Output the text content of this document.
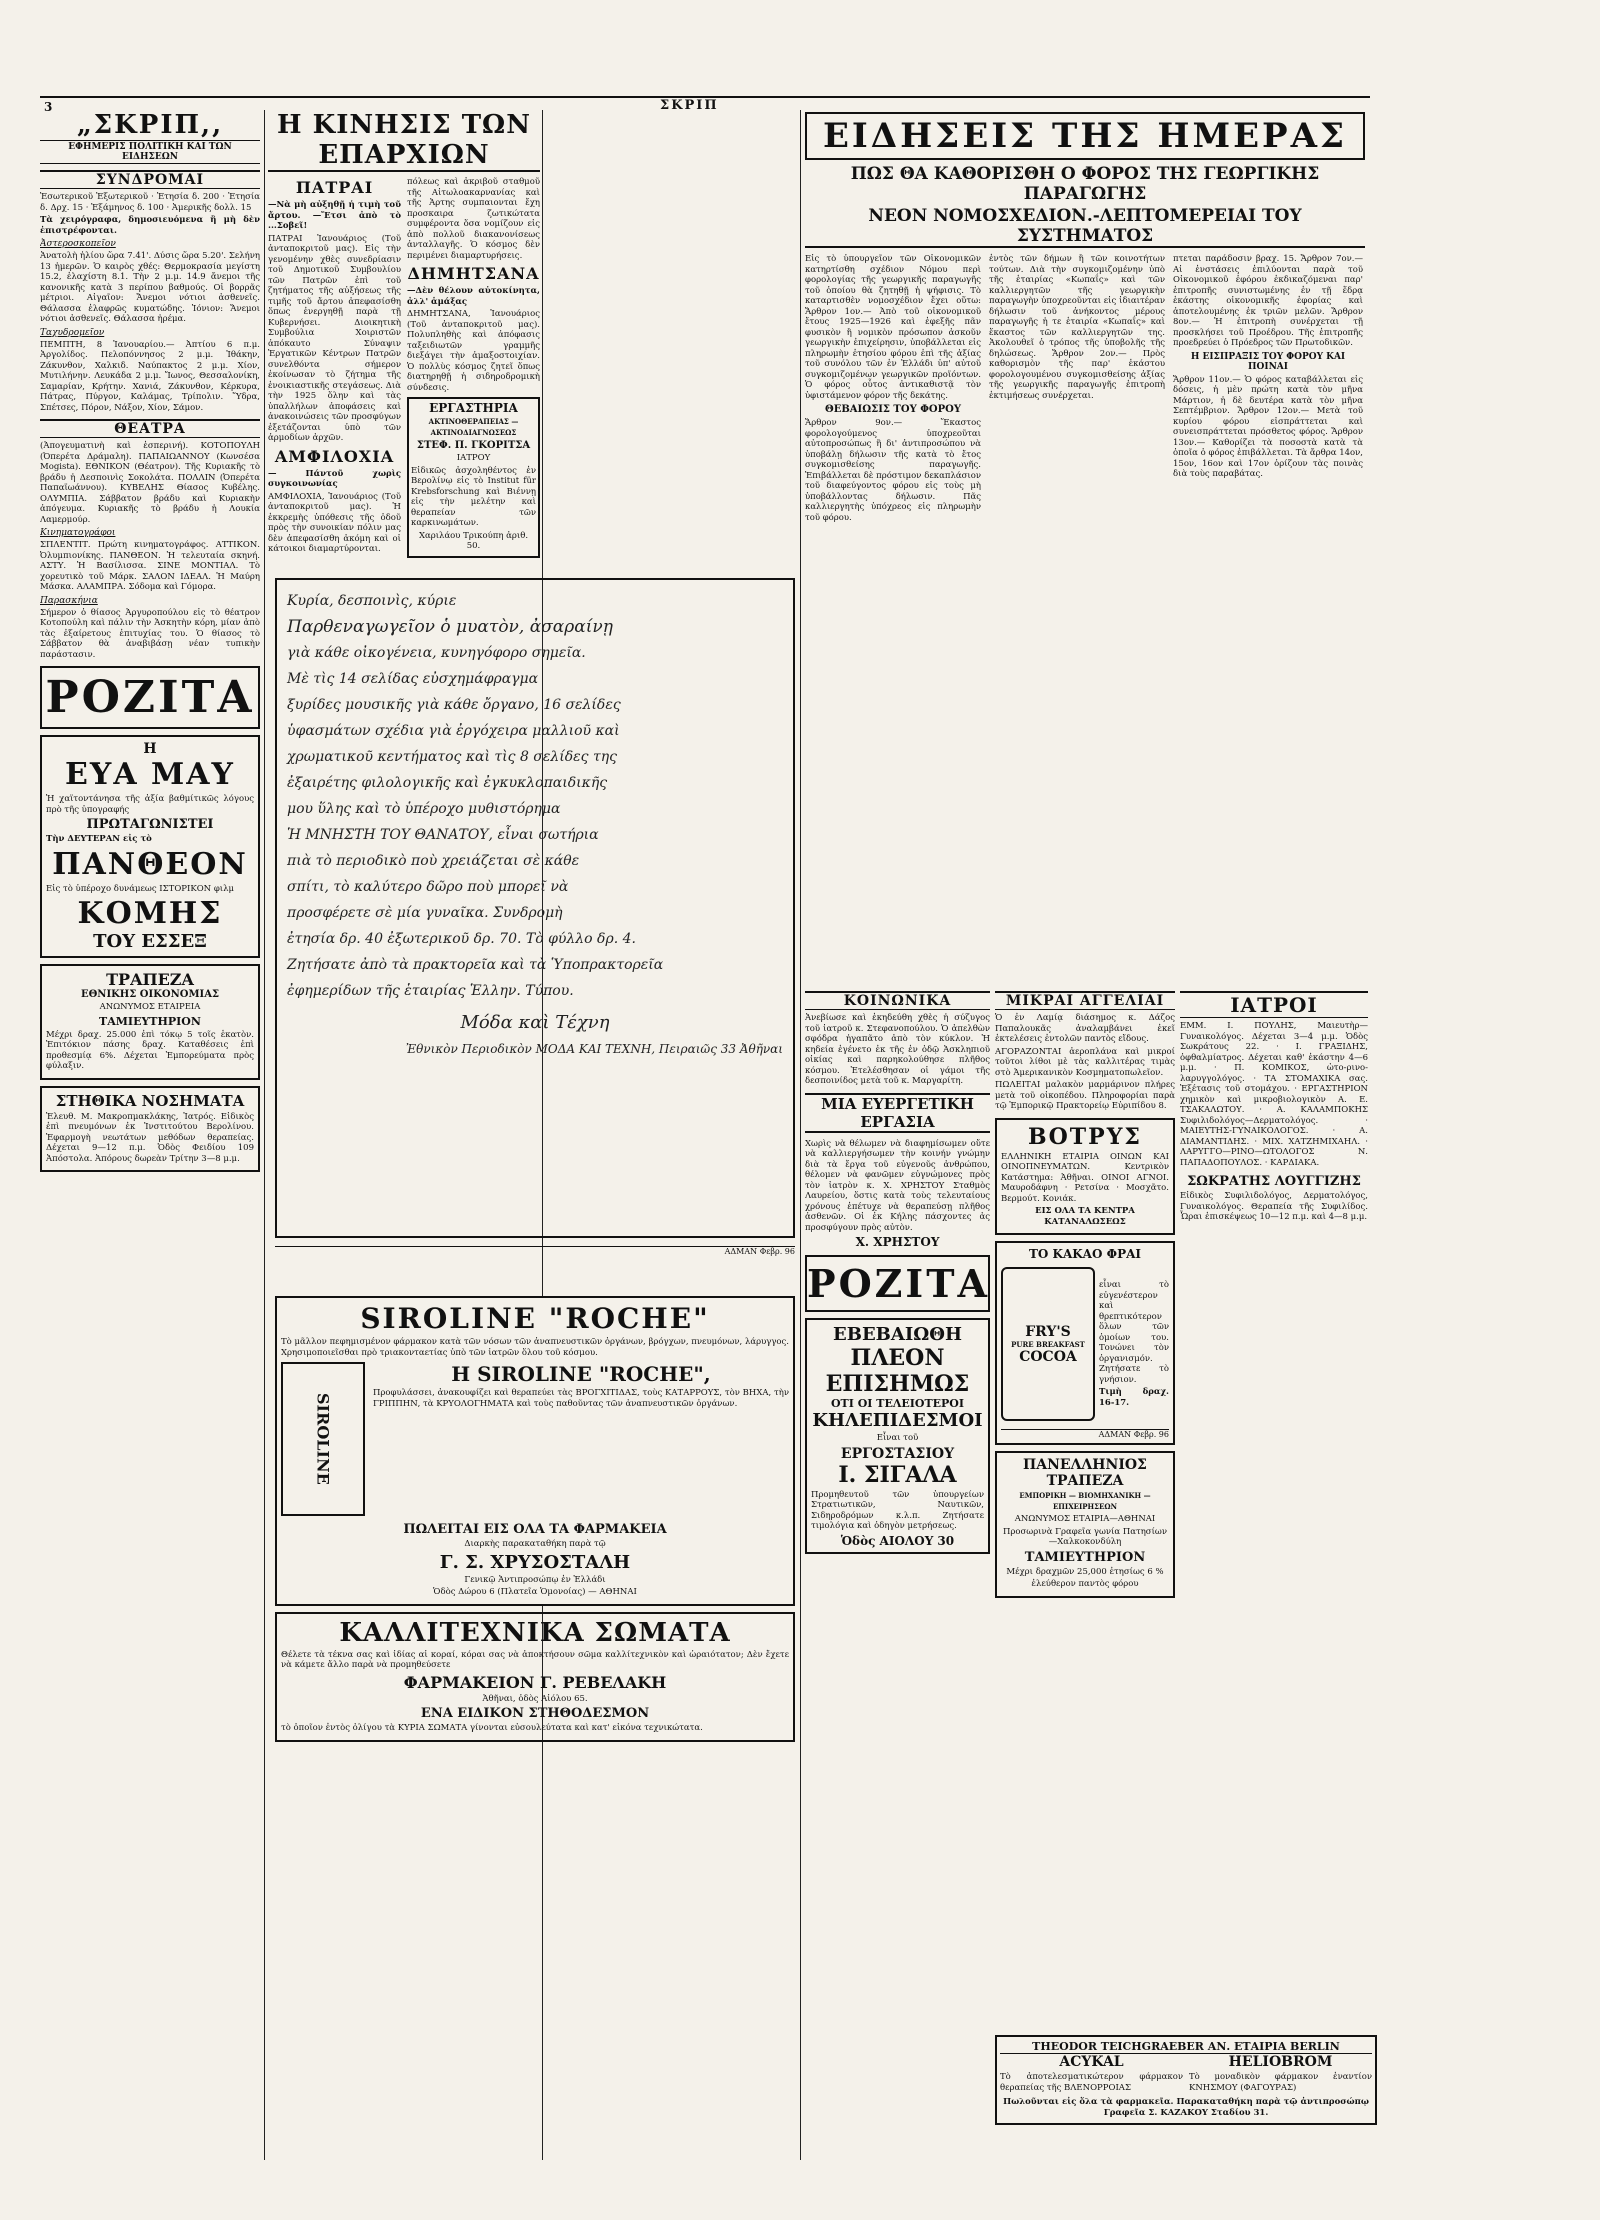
3	ΣΚΡΙΠ
„ΣΚΡΙΠ,,
ΕΦΗΜΕΡΙΣ ΠΟΛΙΤΙΚΗ ΚΑΙ ΤΩΝ ΕΙΔΗΣΕΩΝ
ΣΥΝΔΡΟΜΑΙ
Ἐσωτερικοῦ Ἐξωτερικοῦ · Ἐτησία δ. 200 · Ἐτησία δ. Δρχ. 15 · Ἑξάμηνος δ. 100 · Ἀμερικῆς δολλ. 15
Τὰ χειρόγραφα, δημοσιευόμενα ἢ μὴ δὲν ἐπιστρέφονται.
Ἀστεροσκοπεῖον
Ἀνατολὴ ἡλίου ὥρα 7.41'. Δύσις ὥρα 5.20'. Σελήνη 13 ἡμερῶν. Ὁ καιρὸς χθές: Θερμοκρασία μεγίστη 15.2, ἐλαχίστη 8.1. Τὴν 2 μ.μ. 14.9 ἄνεμοι τῆς κανονικῆς κατὰ 3 περίπου βαθμούς. Οἱ βορρᾶς μέτριοι. Αἰγαῖον: Ἄνεμοι νότιοι ἀσθενεῖς. Θάλασσα ἐλαφρῶς κυματώδης. Ἰόνιον: Ἄνεμοι νότιοι ἀσθενεῖς. Θάλασσα ἠρέμα.
Ταχυδρομεῖον
ΠΕΜΠΤΗ, 8 Ἰανουαρίου.— Ἀπτίου 6 π.μ. Ἀργολίδος. Πελοπόννησος 2 μ.μ. Ἰθάκην, Ζάκυνθον, Χαλκιδ. Ναύπακτος 2 μ.μ. Χίον, Μυτιλήνην. Λευκάδα 2 μ.μ. Ἴωνος, Θεσσαλονίκη, Σαμαρίαν, Κρήτην. Χανιά, Ζάκυνθον, Κέρκυρα, Πάτρας, Πύργον, Καλάμας, Τρίπολιν. Ὕδρα, Σπέτσες, Πόρον, Νάξον, Χίον, Σάμον.
ΘΕΑΤΡΑ
(Ἀπογευματινὴ καὶ ἑσπερινή). ΚΟΤΟΠΟΥΛΗ (Ὀπερέτα Δράμαλη). ΠΑΠΑΙΩΑΝΝΟΥ (Κωνσέσα Mogista). ΕΘΝΙΚΟΝ (Θέατρον). Τῆς Κυριακῆς τὸ βράδυ ἡ Δεσποινὶς Σοκολάτα. ΠΟΛΛΙΝ (Ὀπερέτα Παπαϊωάννου). ΚΥΒΕΛΗΣ Θίασος Κυβέλης. ΟΛΥΜΠΙΑ. Σάββατον βράδυ καὶ Κυριακὴν ἀπόγευμα. Κυριακῆς τὸ βράδυ ἡ Λουκία Λαμερμούρ.
Κινηματογράφοι
ΣΠΛΕΝΤΙΤ. Πρώτη κινηματογράφος. ΑΤΤΙΚΟΝ. Ὀλυμπιονίκης. ΠΑΝΘΕΟΝ. Ἡ τελευταία σκηνή. ΑΣΤΥ. Ἡ Βασίλισσα. ΣΙΝΕ ΜΟΝΤΙΑΛ. Τὸ χορευτικὸ τοῦ Μάρκ. ΣΑΛΟΝ ΙΔΕΑΛ. Ἡ Μαύρη Μάσκα. ΑΛΑΜΠΡΑ. Σόδομα καὶ Γόμορα.
Παρασκήνια
Σήμερον ὁ θίασος Ἀργυροπούλου εἰς τὸ θέατρον Κοτοπούλη καὶ πάλιν τὴν Ἀσκητὴν κόρη, μίαν ἀπὸ τὰς ἐξαίρετους ἐπιτυχίας του. Ὁ θίασος τὸ Σάββατον θὰ ἀναβιβάσῃ νέαν τυπικὴν παράστασιν.
ΡΟΖΙΤΑ
Η
ΕΥΑ ΜΑΥ
Ἡ χαϊτοντάνησα τῆς ἀξία βαθμίτικῶς λόγους πρὸ τῆς ὑπογραφής
ΠΡΩΤΑΓΩΝΙΣΤΕΙ
Τὴν ΔΕΥΤΕΡΑΝ εἰς τὸ
ΠΑΝΘΕΟΝ
Εἰς τὸ ὑπέροχο δυνάμεως ΙΣΤΟΡΙΚΟΝ φιλμ
ΚΟΜΗΣ
ΤΟΥ ΕΣΣΕΞ
ΤΡΑΠΕΖΑ
ΕΘΝΙΚΗΣ ΟΙΚΟΝΟΜΙΑΣ
ΑΝΩΝΥΜΟΣ ΕΤΑΙΡΕΙΑ
ΤΑΜΙΕΥΤΗΡΙΟΝ
Μέχρι δραχ. 25.000 ἐπὶ τόκῳ 5 τοῖς ἑκατὸν. Ἐπιτόκιον πάσης δραχ. Καταθέσεις ἐπὶ προθεσμίᾳ 6%. Δέχεται Ἐμπορεύματα πρὸς φύλαξιν.
ΣΤΗΘΙΚΑ ΝΟΣΗΜΑΤΑ
Ἐλευθ. Μ. Μακροπμακλάκης, Ἰατρός. Εἰδικὸς ἐπὶ πνευμόνων ἐκ Ἰνστιτούτου Βερολίνου. Ἐφαρμογὴ νεωτάτων μεθόδων θεραπείας. Δέχεται 9—12 π.μ. Ὁδὸς Φειδίου 109 Ἀπόστολα. Ἀπόρους δωρεὰν Τρίτην 3—8 μ.μ.
Η ΚΙΝΗΣΙΣ ΤΩΝ ΕΠΑΡΧΙΩΝ
ΠΑΤΡΑΙ
—Νὰ μὴ αὐξηθῇ ἡ τιμὴ τοῦ ἄρτου. —Ἔτσι ἀπὸ τὸ ...Σοβεῖ!
ΠΑΤΡΑΙ Ἰανουάριος (Τοῦ ἀνταποκριτοῦ μας). Εἰς τὴν γενομένην χθὲς συνεδρίασιν τοῦ Δημοτικοῦ Συμβουλίου τῶν Πατρῶν ἐπὶ τοῦ ζητήματος τῆς αὐξήσεως τῆς τιμῆς τοῦ ἄρτου ἀπεφασίσθη ὅπως ἐνεργηθῇ παρὰ τῇ Κυβερνήσει. Διοικητικὴ Συμβούλια Χοιριστῶν ἀπόκαυτο Σύναψιν Ἐργατικῶν Κέντρων Πατρῶν συνελθόντα σήμερον ἐκοίνωσαν τὸ ζήτημα τῆς ἐνοικιαστικῆς στεγάσεως. Διὰ τὴν 1925 ὅλην καὶ τὰς ὑπαλλήλων ἀποφάσεις καὶ ἀνακοινώσεις τῶν προσφύγων ἐξετάζονται ὑπὸ τῶν ἁρμοδίων ἀρχῶν.
ΑΜΦΙΛΟΧΙΑ
— Πάντοῦ χωρὶς συγκοινωνίας
ΑΜΦΙΛΟΧΙΑ, Ἰανουάριος (Τοῦ ἀνταποκριτοῦ μας). Ἡ ἐκκρεμὴς ὑπόθεσις τῆς ὁδοῦ πρὸς τὴν συνοικίαν πόλιν μας δὲν ἀπεφασίσθη ἀκόμη καὶ οἱ κάτοικοι διαμαρτύρονται.
πόλεως καὶ ἀκριβοῦ σταθμοῦ τῆς Αἰτωλοακαρνανίας καὶ τῆς Ἀρτης συμπαιονται ἔχη προσκαιρα ζωτικώτατα συμφέροντα ὅσα νομίζουν εἰς ἀπὸ πολλοῦ διακανονίσεως ἀνταλλαγῆς. Ὁ κόσμος δὲν περιμένει διαμαρτυρήσεις.
ΔΗΜΗΤΣΑΝΑ
—Δὲν θέλουν αὐτοκίνητα, ἀλλ' ἁμάξας
ΔΗΜΗΤΣΑΝΑ, Ἰανουάριος (Τοῦ ἀνταποκριτοῦ μας). Πολυπληθὴς καὶ ἀπόφασις ταξειδιωτῶν γραμμῆς διεξάγει τὴν ἁμαξοστοιχίαν. Ὁ πολλὺς κόσμος ζητεῖ ὅπως διατηρηθῇ ἡ σιδηροδρομικὴ σύνδεσις.
ΕΡΓΑΣΤΗΡΙΑ
ΑΚΤΙΝΟΘΕΡΑΠΕΙΑΣ — ΑΚΤΙΝΟΔΙΑΓΝΩΣΕΩΣ
ΣΤΕΦ. Π. ΓΚΟΡΙΤΣΑ
ΙΑΤΡΟΥ
Εἰδικῶς ἀσχοληθέντος ἐν Βερολίνῳ εἰς τὸ Institut für Krebsforschung καὶ Βιέννῃ εἰς τὴν μελέτην καὶ θεραπείαν τῶν καρκινωμάτων.
Χαριλάου Τρικούπη ἀριθ. 50.
Κυρία, δεσποινὶς, κύριε
Παρθεναγωγεῖον ὁ μυατὸν, ἀσαραίνῃ
γιὰ κάθε οἰκογένεια, κυνηγόφορο σημεῖα.
Μὲ τὶς 14 σελίδας εὐσχημάφραγμα
ξυρίδες μουσικῆς γιὰ κάθε ὄργανο, 16 σελίδες
ὑφασμάτων σχέδια γιὰ ἐργόχειρα μαλλιοῦ καὶ
χρωματικοῦ κεντήματος καὶ τὶς 8 σελίδες της
ἐξαιρέτης φιλολογικῆς καὶ ἐγκυκλοπαιδικῆς
μου ὕλης καὶ τὸ ὑπέροχο μυθιστόρημα
Ἡ ΜΝΗΣΤΗ ΤΟΥ ΘΑΝΑΤΟΥ, εἶναι σωτήρια
πιὰ τὸ περιοδικὸ ποὺ χρειάζεται σὲ κάθε
σπίτι, τὸ καλύτερο δῶρο ποὺ μπορεῖ νὰ
προσφέρετε σὲ μία γυναῖκα. Συνδρομὴ
ἐτησία δρ. 40 ἐξωτερικοῦ δρ. 70. Τὸ φύλλο δρ. 4.
Ζητήσατε ἀπὸ τὰ πρακτορεῖα καὶ τὰ Ὑποπρακτορεῖα
ἐφημερίδων τῆς ἑταιρίας Ἑλλην. Τύπου.
Μόδα καὶ Τέχνη
Ἐθνικὸν Περιοδικὸν ΜΟΔΑ ΚΑΙ ΤΕΧΝΗ, Πειραιῶς 33 Ἀθῆναι
ΑΔΜΑΝ Φεβρ. 96
SIROLINE "ROCHE"
Τὸ μᾶλλον πεφημισμένον φάρμακον κατὰ τῶν νόσων τῶν ἀναπνευστικῶν ὀργάνων, βρόγχων, πνευμόνων, λάρυγγος. Χρησιμοποιεῖσθαι πρὸ τριακονταετίας ὑπὸ τῶν ἰατρῶν ὅλου τοῦ κόσμου.
SIROLINE
Η SIROLINE "ROCHE",
Προφυλάσσει, ἀνακουφίζει καὶ θεραπεύει τὰς ΒΡΟΓΧΙΤΙΔΑΣ, τοὺς ΚΑΤΑΡΡΟΥΣ, τὸν ΒΗΧΑ, τὴν ΓΡΙΠΠΗΝ, τὰ ΚΡΥΟΛΟΓΗΜΑΤΑ καὶ τοὺς παθοῦντας τῶν ἀναπνευστικῶν ὀργάνων.
ΠΩΛΕΙΤΑΙ ΕΙΣ ΟΛΑ ΤΑ ΦΑΡΜΑΚΕΙΑ
Διαρκὴς παρακαταθήκη παρὰ τῷ
Γ. Σ. ΧΡΥΣΟΣΤΑΛΗ
Γενικῷ Ἀντιπροσώπῳ ἐν Ἑλλάδι
Ὁδὸς Δώρου 6 (Πλατεῖα Ὁμονοίας) — ΑΘΗΝΑΙ
ΚΑΛΛΙΤΕΧΝΙΚΑ ΣΩΜΑΤΑ
Θέλετε τὰ τέκνα σας καὶ ἰδίας αἱ κοραί, κόραι σας νὰ ἀποκτήσουν σῶμα καλλίτεχνικὸν καὶ ὡραιότατον; Δὲν ἔχετε νὰ κάμετε ἄλλο παρὰ νὰ προμηθεύσετε
ΦΑΡΜΑΚΕΙΟΝ Γ. ΡΕΒΕΛΑΚΗ
Ἀθῆναι, ὁδὸς Αἰόλου 65.
ΕΝΑ ΕΙΔΙΚΟΝ ΣΤΗΘΟΔΕΣΜΟΝ
τὸ ὁποῖον ἐντὸς ὀλίγου τὰ ΚΥΡΙΑ ΣΩΜΑΤΑ γίνονται εὐσουλεύτατα καὶ κατ' εἰκόνα τεχνικώτατα.
ΕΙΔΗΣΕΙΣ ΤΗΣ ΗΜΕΡΑΣ
ΠΩΣ ΘΑ ΚΑΘΟΡΙΣΘΗ Ο ΦΟΡΟΣ ΤΗΣ ΓΕΩΡΓΙΚΗΣ ΠΑΡΑΓΩΓΗΣ
ΝΕΟΝ ΝΟΜΟΣΧΕΔΙΟΝ.-ΛΕΠΤΟΜΕΡΕΙΑΙ ΤΟΥ ΣΥΣΤΗΜΑΤΟΣ
Εἰς τὸ ὑπουργεῖον τῶν Οἰκονομικῶν κατηρτίσθη σχέδιον Νόμου περὶ φορολογίας τῆς γεωργικῆς παραγωγῆς τοῦ ὁποίου θὰ ζητηθῇ ἡ ψήφισις. Τὸ καταρτισθὲν νομοσχέδιον ἔχει οὕτω: Ἄρθρον 1ον.— Ἀπὸ τοῦ οἰκονομικοῦ ἔτους 1925—1926 καὶ ἐφεξῆς πᾶν φυσικὸν ἢ νομικὸν πρόσωπον ἀσκοῦν γεωργικὴν ἐπιχείρησιν, ὑποβάλλεται εἰς πληρωμὴν ἐτησίου φόρου ἐπὶ τῆς ἀξίας τοῦ συνόλου τῶν ἐν Ἑλλάδι ὑπ' αὐτοῦ συγκομιζομένων γεωργικῶν προϊόντων. Ὁ φόρος οὗτος ἀντικαθιστᾷ τὸν ὑφιστάμενον φόρον τῆς δεκάτης.
ΘΕΒΑΙΩΣΙΣ ΤΟΥ ΦΟΡΟΥ
Ἄρθρον 9ον.— Ἕκαστος φορολογούμενος ὑποχρεοῦται αὐτοπροσώπως ἢ δι' ἀντιπροσώπου νὰ ὑποβάλῃ δήλωσιν τῆς κατὰ τὸ ἔτος συγκομισθείσης παραγωγῆς. Ἐπιβάλλεται δὲ πρόστιμον δεκαπλάσιον τοῦ διαφεύγοντος φόρου εἰς τοὺς μὴ ὑποβάλλοντας δήλωσιν. Πᾶς καλλιεργητὴς ὑπόχρεος εἰς πληρωμὴν τοῦ φόρου.
ἐντὸς τῶν δήμων ἢ τῶν κοινοτήτων τούτων. Διὰ τὴν συγκομιζομένην ὑπὸ τῆς ἑταιρίας «Κωπαΐς» καὶ τῶν καλλιεργητῶν τῆς γεωργικὴν παραγωγὴν ὑποχρεοῦνται εἰς ἰδιαιτέραν δήλωσιν τοῦ ἀνήκοντος μέρους παραγωγῆς ἡ τε ἑταιρία «Κωπαΐς» καὶ ἕκαστος τῶν καλλιεργητῶν της. Ἀκολουθεῖ ὁ τρόπος τῆς ὑποβολῆς τῆς δηλώσεως. Ἄρθρον 2ον.— Πρὸς καθορισμὸν τῆς παρ' ἑκάστου φορολογουμένου συγκομισθείσης ἀξίας τῆς γεωργικῆς παραγωγῆς ἐπιτροπὴ ἐκτιμήσεως συνέρχεται.
πτεται παράδοσιν βραχ. 15. Ἄρθρον 7ον.— Αἱ ἐνστάσεις ἐπιλύονται παρὰ τοῦ Οἰκονομικοῦ ἐφόρου ἐκδικαζόμεναι παρ' ἐπιτροπῆς συνιστωμένης ἐν τῇ ἕδρᾳ ἑκάστης οἰκονομικῆς ἐφορίας καὶ ἀποτελουμένης ἐκ τριῶν μελῶν. Ἄρθρον 8ον.— Ἡ ἐπιτροπὴ συνέρχεται τῇ προσκλήσει τοῦ Προέδρου. Τῆς ἐπιτροπῆς προεδρεύει ὁ Πρόεδρος τῶν Πρωτοδικῶν.
Η ΕΙΣΠΡΑΞΙΣ ΤΟΥ ΦΟΡΟΥ ΚΑΙ ΠΟΙΝΑΙ
Ἄρθρον 11ον.— Ὁ φόρος καταβάλλεται εἰς δόσεις, ἡ μὲν πρώτη κατὰ τὸν μῆνα Μάρτιον, ἡ δὲ δευτέρα κατὰ τὸν μῆνα Σεπτέμβριον. Ἄρθρον 12ον.— Μετὰ τοῦ κυρίου φόρου εἰσπράττεται καὶ συνεισπράττεται πρόσθετος φόρος. Ἄρθρον 13ον.— Καθορίζει τὰ ποσοστὰ κατὰ τὰ ὁποῖα ὁ φόρος ἐπιβάλλεται. Τὰ ἄρθρα 14ον, 15ον, 16ον καὶ 17ον ὁρίζουν τὰς ποινὰς διὰ τοὺς παραβάτας.
ΚΟΙΝΩΝΙΚΑ
Ἀνεβίωσε καὶ ἐκηδεύθη χθὲς ἡ σύζυγος τοῦ ἰατροῦ κ. Στεφανοπούλου. Ὁ ἀπελθὼν σφόδρα ἠγαπᾶτο ἀπὸ τὸν κύκλον. Ἡ κηδεία ἐγένετο ἐκ τῆς ἐν ὁδῷ Ἀσκληπιοῦ οἰκίας καὶ παρηκολούθησε πλῆθος κόσμου. Ἐτελέσθησαν οἱ γάμοι τῆς δεσποινίδος μετὰ τοῦ κ. Μαργαρίτη.
ΜΙΑ ΕΥΕΡΓΕΤΙΚΗ ΕΡΓΑΣΙΑ
Χωρὶς νὰ θέλωμεν νὰ διαφημίσωμεν οὔτε νὰ καλλιεργήσωμεν τὴν κοινήν γνώμην διὰ τὰ ἔργα τοῦ εὐγενοῦς ἀνθρώπου, θέλομεν νὰ φανῶμεν εὐγνώμονες πρὸς τὸν ἰατρὸν κ. Χ. ΧΡΗΣΤΟΥ Σταθμὸς Λαυρείου, ὅστις κατὰ τοὺς τελευταίους χρόνους ἐπέτυχε νὰ θεραπεύσῃ πλῆθος ἀσθενῶν. Οἱ ἐκ Κήλης πάσχοντες ἀς προσφύγουν πρὸς αὐτὸν.
Χ. ΧΡΗΣΤΟΥ
ΡΟΖΙΤΑ
ΕΒΕΒΑΙΩΘΗ
ΠΛΕΟΝ
ΕΠΙΣΗΜΩΣ
ΟΤΙ ΟΙ ΤΕΛΕΙΟΤΕΡΟΙ
ΚΗΛΕΠΙΔΕΣΜΟΙ
Εἶναι τοῦ
ΕΡΓΟΣΤΑΣΙΟΥ
Ι. ΣΙΓΑΛΑ
Προμηθευτοῦ τῶν ὑπουργείων Στρατιωτικῶν, Ναυτικῶν, Σιδηροδρόμων κ.λ.π. Ζητήσατε τιμολόγια καὶ ὁδηγὸν μετρήσεως.
Ὁδὸς ΑΙΟΛΟΥ 30
ΜΙΚΡΑΙ ΑΓΓΕΛΙΑΙ
Ὁ ἐν Λαμίᾳ διάσημος κ. Δάζος Παπαλουκᾶς ἀναλαμβάνει ἐκεῖ ἐκτελέσεις ἐντολῶν παντὸς εἴδους.
ΑΓΟΡΑΖΟΝΤΑΙ ἀεροπλάνα καὶ μικροί τοῦτοι λίθοι μὲ τὰς καλλιτέρας τιμὰς στὸ Ἀμερικανικὸν Κοσμηματοπωλεῖον.
ΠΩΛΕΙΤΑΙ μαλακὸν μαρμάρινον πλήρες μετὰ τοῦ οἰκοπέδου. Πληροφορίαι παρὰ τῷ Ἐμπορικῷ Πρακτορείῳ Εὐριπίδου 8.
ΒΟΤΡΥΣ
ΕΛΛΗΝΙΚΗ ΕΤΑΙΡΙΑ ΟΙΝΩΝ ΚΑΙ ΟΙΝΟΠΝΕΥΜΑΤΩΝ. Κεντρικὸν Κατάστημα: Ἀθῆναι. ΟΙΝΟΙ ΑΓΝΟΙ. Μαυροδάφνη · Ρετσίνα · Μοσχᾶτο. Βερμούτ. Κονιάκ.
ΕΙΣ ΟΛΑ ΤΑ ΚΕΝΤΡΑ ΚΑΤΑΝΑΛΩΣΕΩΣ
ΤΟ ΚΑΚΑΟ ΦΡΑΙ
FRY'S
PURE BREAKFAST
COCOA
εἶναι τὸ εὐγενέστερον καὶ θρεπτικότερον ὅλων τῶν ὁμοίων του. Τονώνει τὸν ὀργανισμόν. Ζητήσατε τὸ γνήσιον.
Τιμὴ δραχ. 16-17.
ΑΔΜΑΝ Φεβρ. 96
ΠΑΝΕΛΛΗΝΙΟΣ ΤΡΑΠΕΖΑ
ΕΜΠΟΡΙΚΗ — ΒΙΟΜΗΧΑΝΙΚΗ — ΕΠΙΧΕΙΡΗΣΕΩΝ
ΑΝΩΝΥΜΟΣ ΕΤΑΙΡΙΑ—ΑΘΗΝΑΙ
Προσωρινὰ Γραφεῖα γωνία Πατησίων—Χαλκοκονδύλη
ΤΑΜΙΕΥΤΗΡΙΟΝ
Μέχρι δραχμῶν 25,000 ἐτησίως 6 %
ἐλεύθερον παντὸς φόρου
ΙΑΤΡΟΙ
ΕΜΜ. Ι. ΠΟΥΛΗΣ, Μαιευτὴρ—Γυναικολόγος. Δέχεται 3—4 μ.μ. Ὁδὸς Σωκράτους 22. · Ι. ΓΡΑΞΙΔΗΣ, ὀφθαλμίατρος. Δέχεται καθ' ἑκάστην 4—6 μ.μ. · Π. ΚΟΜΙΚΟΣ, ὠτο-ρινο-λαρυγγολόγος. · ΤΑ ΣΤΟΜΑΧΙΚΑ σας. Ἐξέτασις τοῦ στομάχου. · ΕΡΓΑΣΤΗΡΙΟΝ χημικὸν καὶ μικροβιολογικὸν Α. Ε. ΤΣΑΚΑΛΩΤΟΥ. · Α. ΚΑΛΑΜΠΟΚΗΣ Συφιλιδολόγος—Δερματολόγος. · ΜΑΙΕΥΤΗΣ-ΓΥΝΑΙΚΟΛΟΓΟΣ. · Α. ΔΙΑΜΑΝΤΙΔΗΣ. · ΜΙΧ. ΧΑΤΖΗΜΙΧΑΗΛ. · ΛΑΡΥΓΓΟ—ΡΙΝΟ—ΩΤΟΛΟΓΟΣ Ν. ΠΑΠΑΔΟΠΟΥΛΟΣ. · ΚΑΡΔΙΑΚΑ.
ΣΩΚΡΑΤΗΣ ΛΟΥΓΓΙΖΗΣ
Εἰδικὸς Συφιλιδολόγος, Δερματολόγος, Γυναικολόγος. Θεραπεία τῆς Συφιλίδος. Ὧραι ἐπισκέψεως 10—12 π.μ. καὶ 4—8 μ.μ.
THEODOR TEICHGRAEBER ΑΝ. ΕΤΑΙΡΙΑ BERLIN
ACYKAL
Τὸ ἀποτελεσματικώτερον φάρμακον θεραπείας τῆς ΒΛΕΝΟΡΡΟΙΑΣ
HELIOBROM
Τὸ μοναδικὸν φάρμακον ἐναντίον ΚΝΗΣΜΟΥ (ΦΑΓΟΥΡΑΣ)
Πωλοῦνται εἰς ὅλα τὰ φαρμακεῖα. Παρακαταθήκη παρὰ τῷ ἀντιπροσώπῳ Γραφεῖα Σ. ΚΑΖΑΚΟΥ Σταδίου 31.
